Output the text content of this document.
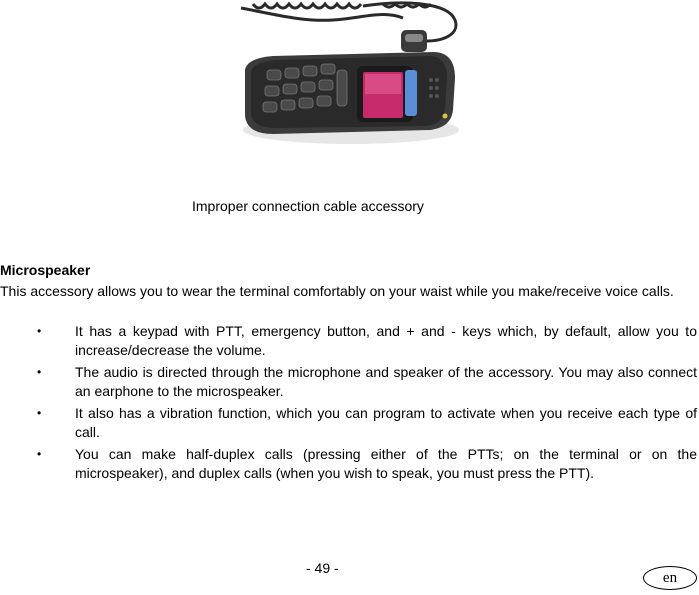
Improper connection cable accessory
Microspeaker
This accessory allows you to wear the terminal comfortably on your waist while you make/receive voice calls.
• It has a keypad with PTT, emergency button, and + and - keys which, by default, allow you to increase/decrease the volume.
• The audio is directed through the microphone and speaker of the accessory. You may also connect an earphone to the microspeaker.
• It also has a vibration function, which you can program to activate when you receive each type of call.
• You can make half-duplex calls (pressing either of the PTTs; on the terminal or on the microspeaker), and duplex calls (when you wish to speak, you must press the PTT).
- 49 -
en
